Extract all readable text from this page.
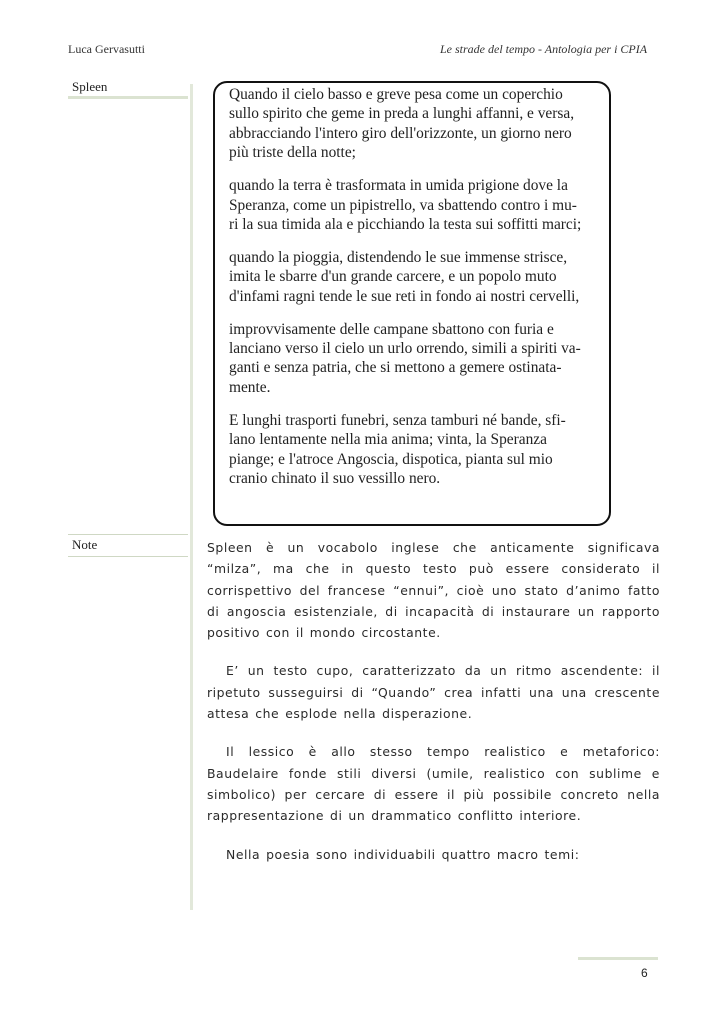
Luca Gervasutti	Le strade del tempo - Antologia per i CPIA
Spleen	Quando il cielo basso e greve pesa come un coperchio
sullo spirito che geme in preda a lunghi affanni, e versa,
abbracciando l'intero giro dell'orizzonte, un giorno nero
più triste della notte;

quando la terra è trasformata in umida prigione dove la
Speranza, come un pipistrello, va sbattendo contro i mu-
ri la sua timida ala e picchiando la testa sui soffitti marci;

quando la pioggia, distendendo le sue immense strisce,
imita le sbarre d'un grande carcere, e un popolo muto
d'infami ragni tende le sue reti in fondo ai nostri cervelli,

improvvisamente delle campane sbattono con furia e
lanciano verso il cielo un urlo orrendo, simili a spiriti va-
ganti e senza patria, che si mettono a gemere ostinata-
mente.

E lunghi trasporti funebri, senza tamburi né bande, sfi-
lano lentamente nella mia anima; vinta, la Speranza
piange; e l'atroce Angoscia, dispotica, pianta sul mio
cranio chinato il suo vessillo nero.

Note	Spleen è un vocabolo inglese che anticamente significava “milza”, ma che in questo testo può essere considerato il corrispettivo del francese “ennui”, cioè uno stato d’animo fatto di angoscia esistenziale, di incapacità di instaurare un rapporto positivo con il mondo circostante.

E’ un testo cupo, caratterizzato da un ritmo ascendente: il ripetuto susseguirsi di “Quando” crea infatti una una crescente attesa che esplode nella disperazione.

Il lessico è allo stesso tempo realistico e metaforico: Baudelaire fonde stili diversi (umile, realistico con sublime e simbolico) per cercare di essere il più possibile concreto nella rappresentazione di un drammatico conflitto interiore.

Nella poesia sono individuabili quattro macro temi:

6
